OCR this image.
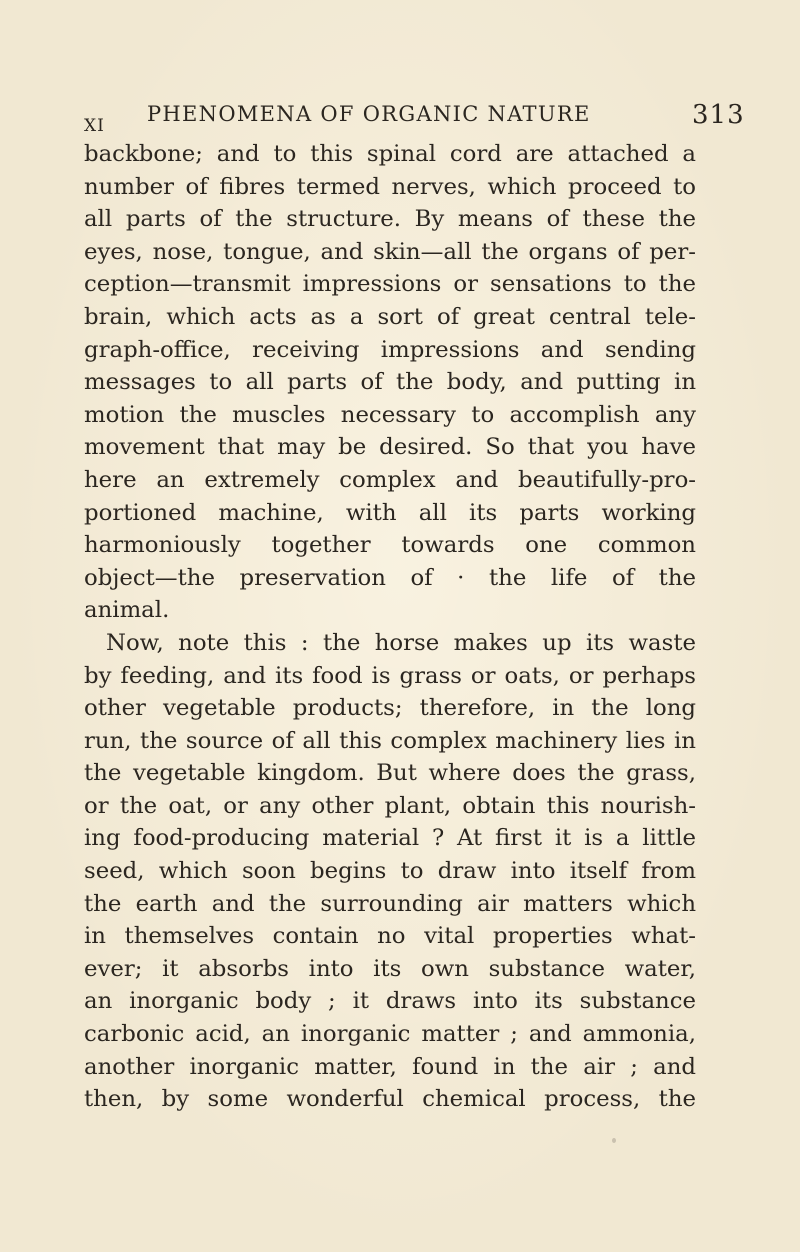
XI PHENOMENA OF ORGANIC NATURE	313
backbone; and to this spinal cord are attached a
number of fibres termed nerves, which proceed to
all parts of the structure. By means of these the
eyes, nose, tongue, and skin—all the organs of per-
ception—transmit impressions or sensations to the
brain, which acts as a sort of great central tele-
graph-office, receiving impressions and sending
messages to all parts of the body, and putting in
motion the muscles necessary to accomplish any
movement that may be desired. So that you have
here an extremely complex and beautifully-pro-
portioned machine, with all its parts working
harmoniously together towards one common
object—the preservation of · the life of the
animal.
Now, note this : the horse makes up its waste
by feeding, and its food is grass or oats, or perhaps
other vegetable products; therefore, in the long
run, the source of all this complex machinery lies in
the vegetable kingdom. But where does the grass,
or the oat, or any other plant, obtain this nourish-
ing food-producing material ? At first it is a little
seed, which soon begins to draw into itself from
the earth and the surrounding air matters which
in themselves contain no vital properties what-
ever; it absorbs into its own substance water,
an inorganic body ; it draws into its substance
carbonic acid, an inorganic matter ; and ammonia,
another inorganic matter, found in the air ; and
then, by some wonderful chemical process, the
